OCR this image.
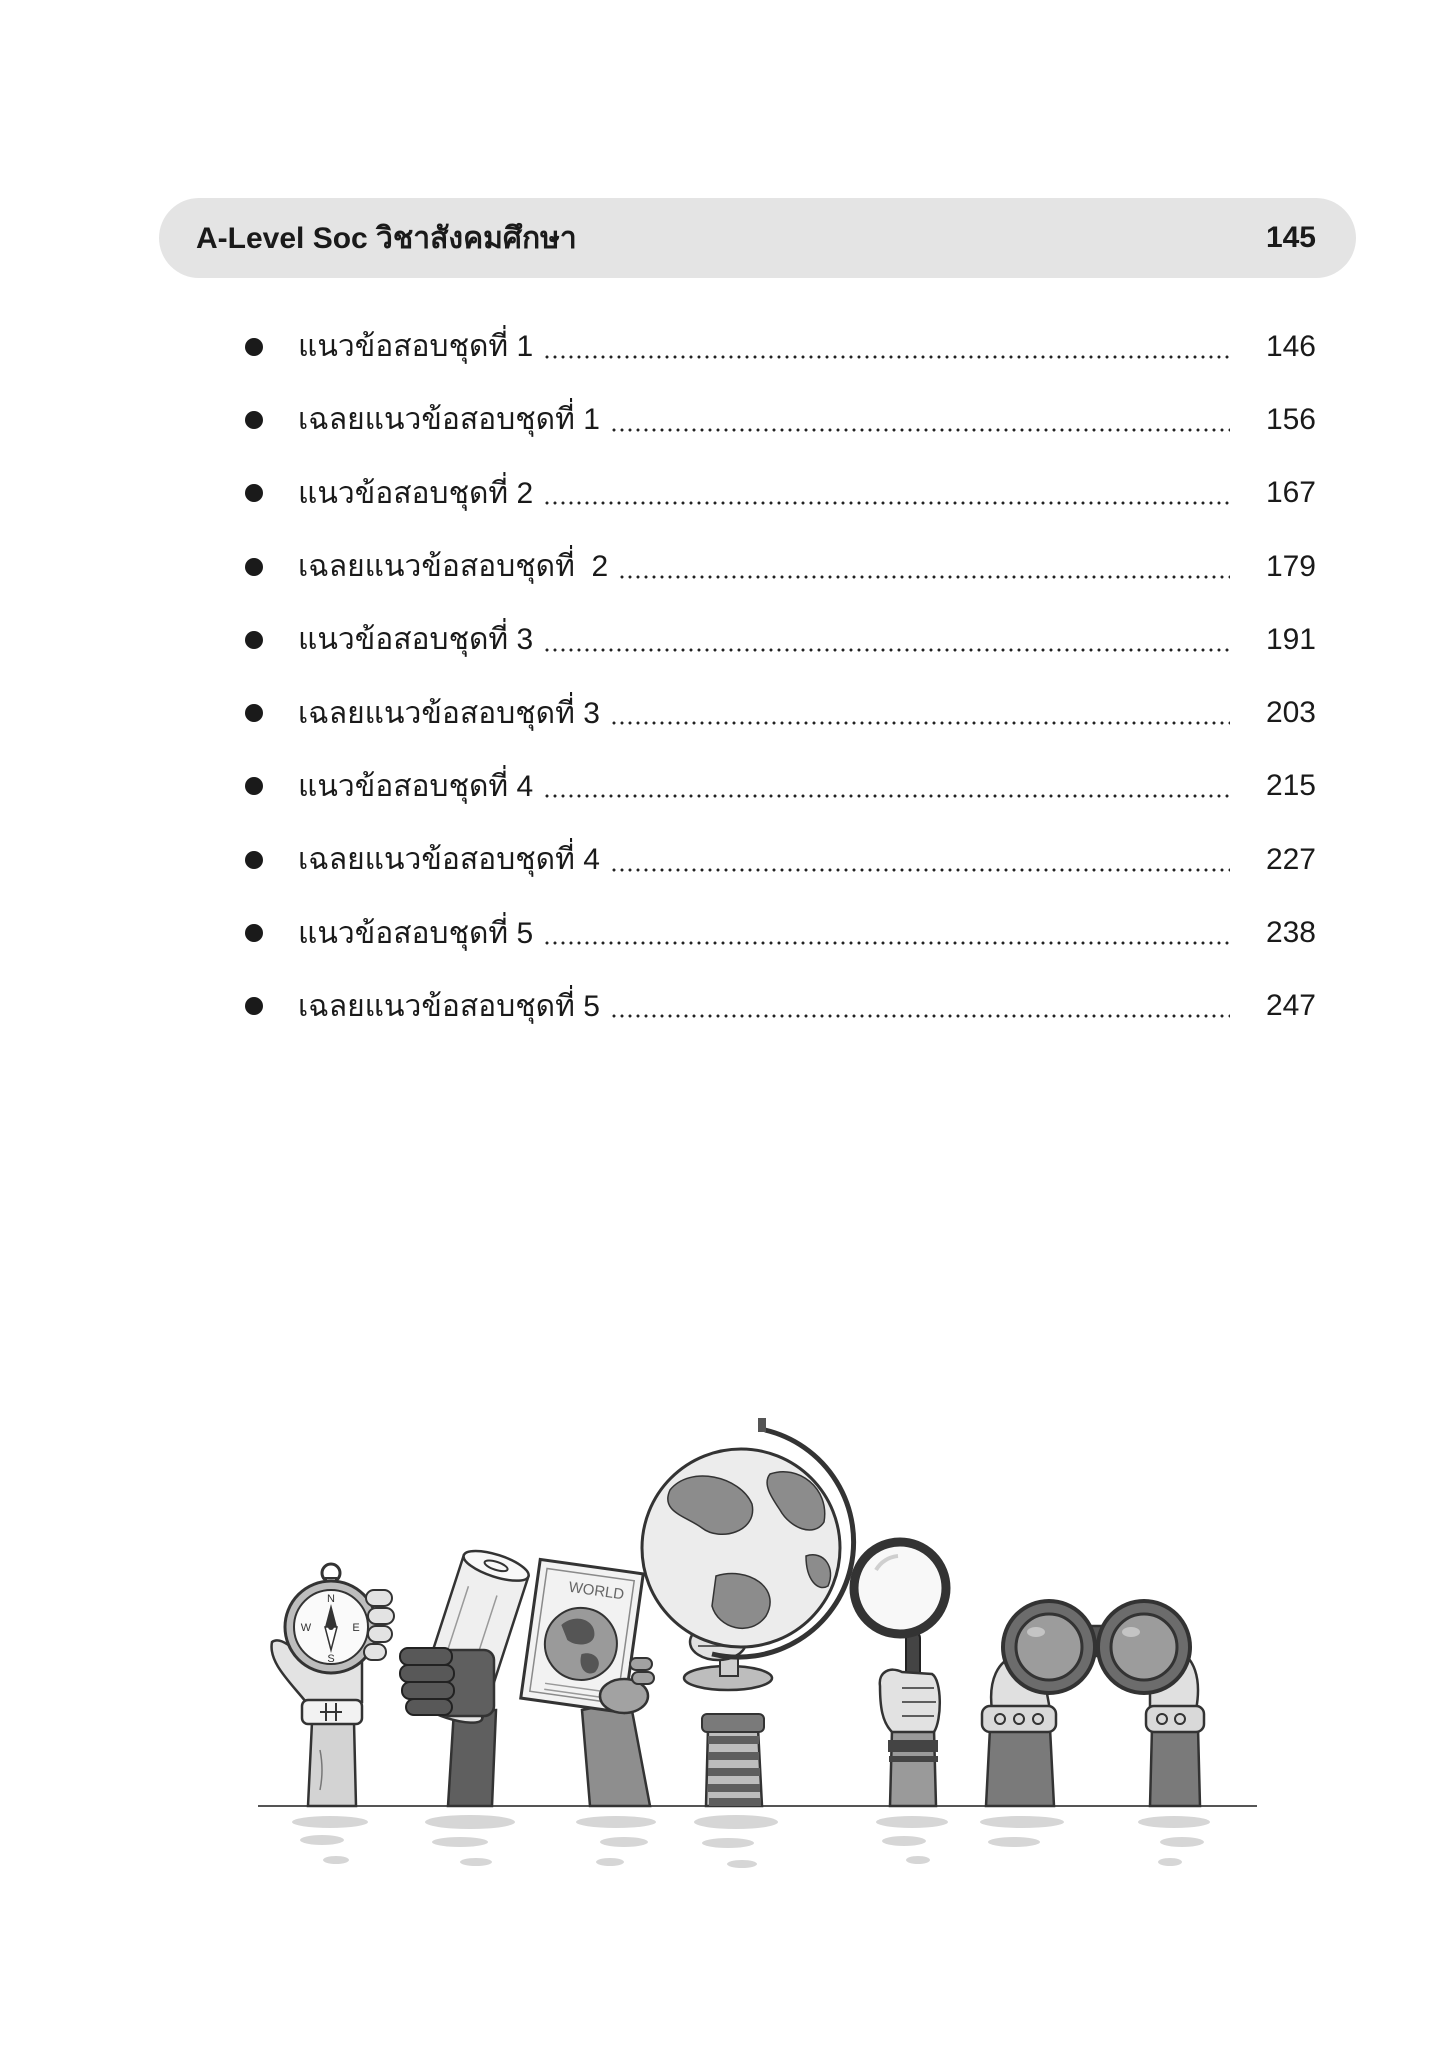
A-Level Soc วิชาสังคมศึกษา	145
แนวข้อสอบชุดที่ 1	146
เฉลยแนวข้อสอบชุดที่ 1	156
แนวข้อสอบชุดที่ 2	167
เฉลยแนวข้อสอบชุดที่  2	179
แนวข้อสอบชุดที่ 3	191
เฉลยแนวข้อสอบชุดที่ 3	203
แนวข้อสอบชุดที่ 4	215
เฉลยแนวข้อสอบชุดที่ 4	227
แนวข้อสอบชุดที่ 5	238
เฉลยแนวข้อสอบชุดที่ 5	247
N
E
S
W
WORLD
